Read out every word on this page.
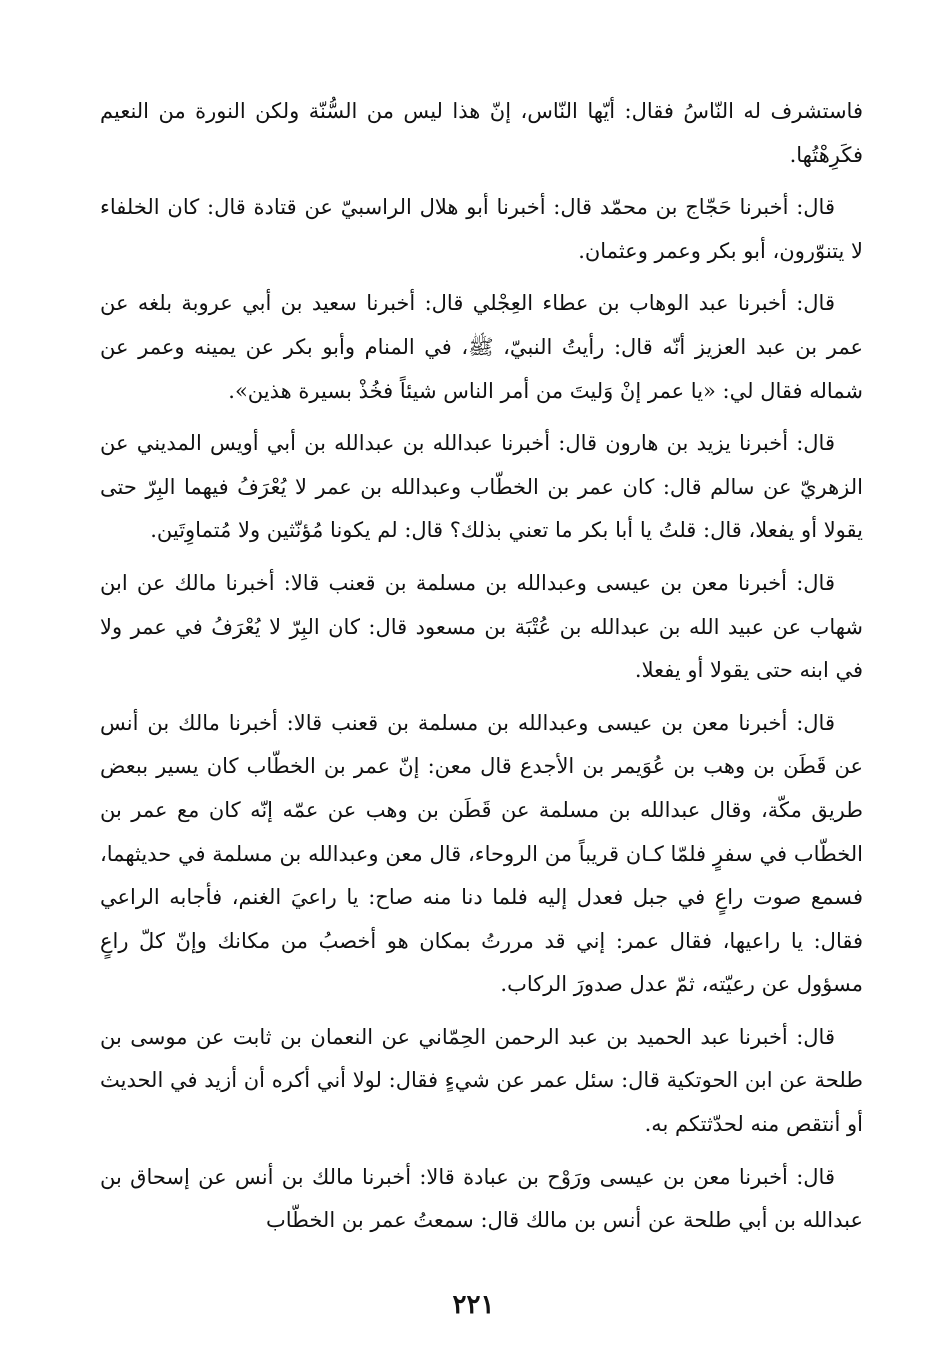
فاستشرف له النّاسُ فقال: أيّها النّاس، إنّ هذا ليس من السُّنّة ولكن النورة من النعيم فكَرِهْتُها.

قال: أخبرنا حَجّاج بن محمّد قال: أخبرنا أبو هلال الراسبيّ عن قتادة قال: كان الخلفاء لا يتنوّرون، أبو بكر وعمر وعثمان.

قال: أخبرنا عبد الوهاب بن عطاء العِجْلي قال: أخبرنا سعيد بن أبي عروبة بلغه عن عمر بن عبد العزيز أنّه قال: رأيتُ النبيّ، ﷺ، في المنام وأبو بكر عن يمينه وعمر عن شماله فقال لي: «يا عمر إنْ وَليتَ من أمر الناس شيئاً فخُذْ بسيرة هذين».

قال: أخبرنا يزيد بن هارون قال: أخبرنا عبدالله بن عبدالله بن أبي أويس المديني عن الزهريّ عن سالم قال: كان عمر بن الخطّاب وعبدالله بن عمر لا يُعْرَفُ فيهما البِرّ حتى يقولا أو يفعلا، قال: قلتُ يا أبا بكر ما تعني بذلك؟ قال: لم يكونا مُؤنّثين ولا مُتماوِتَين.

قال: أخبرنا معن بن عيسى وعبدالله بن مسلمة بن قعنب قالا: أخبرنا مالك عن ابن شهاب عن عبيد الله بن عبدالله بن عُتْبَة بن مسعود قال: كان البِرّ لا يُعْرَفُ في عمر ولا في ابنه حتى يقولا أو يفعلا.

قال: أخبرنا معن بن عيسى وعبدالله بن مسلمة بن قعنب قالا: أخبرنا مالك بن أنس عن قَطَن بن وهب بن عُوَيمر بن الأجدع قال معن: إنّ عمر بن الخطّاب كان يسير ببعض طريق مكّة، وقال عبدالله بن مسلمة عن قَطَن بن وهب عن عمّه إنّه كان مع عمر بن الخطّاب في سفرٍ فلمّا كـان قريباً من الروحاء، قال معن وعبدالله بن مسلمة في حديثهما، فسمع صوت راعٍ في جبل فعدل إليه فلما دنا منه صاح: يا راعيَ الغنم، فأجابه الراعي فقال: يا راعيها، فقال عمر: إني قد مررتُ بمكان هو أخصبُ من مكانك وإنّ كلّ راعٍ مسؤول عن رعيّته، ثمّ عدل صدورَ الركاب.

قال: أخبرنا عبد الحميد بن عبد الرحمن الحِمّاني عن النعمان بن ثابت عن موسى بن طلحة عن ابن الحوتكية قال: سئل عمر عن شيءٍ فقال: لولا أني أكره أن أزيد في الحديث أو أنتقص منه لحدّثتكم به.

قال: أخبرنا معن بن عيسى ورَوْح بن عبادة قالا: أخبرنا مالك بن أنس عن إسحاق بن عبدالله بن أبي طلحة عن أنس بن مالك قال: سمعتُ عمر بن الخطّاب

٢٢١
